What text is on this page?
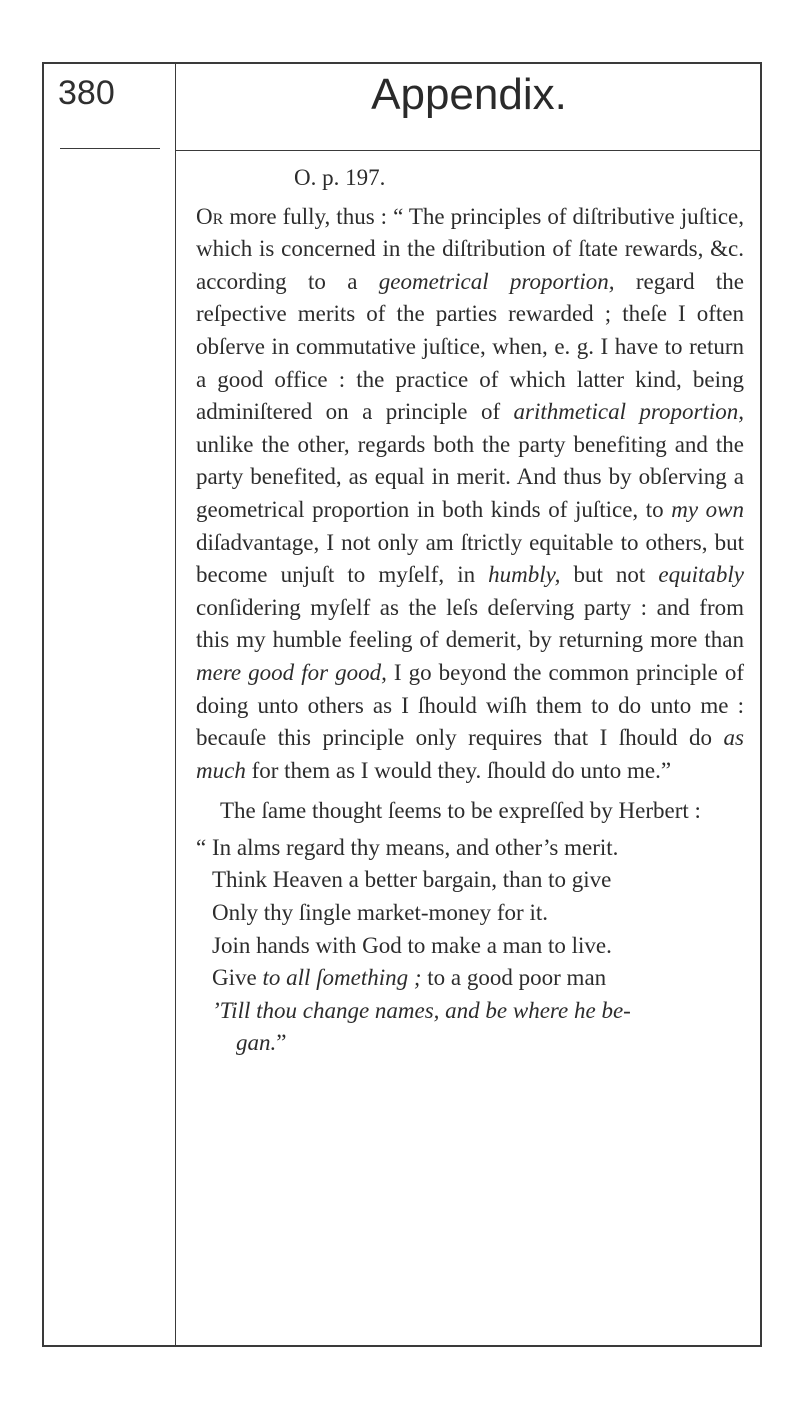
380	Appendix.

O. p. 197.

Or more fully, thus : “ The principles of diſtributive juſtice, which is concerned in the diſtribution of ſtate rewards, &c. according to a geometrical proportion, regard the reſpective merits of the parties rewarded ; theſe I often obſerve in commutative juſtice, when, e. g. I have to return a good office : the practice of which latter kind, being adminiſtered on a principle of arithmetical proportion, unlike the other, regards both the party benefiting and the party benefited, as equal in merit. And thus by obſerving a geometrical proportion in both kinds of juſtice, to my own diſadvantage, I not only am ſtrictly equitable to others, but become unjuſt to myſelf, in humbly, but not equitably conſidering myſelf as the leſs deſerving party : and from this my humble feeling of demerit, by returning more than mere good for good, I go beyond the common principle of doing unto others as I ſhould wiſh them to do unto me : becauſe this principle only requires that I ſhould do as much for them as I would they. ſhould do unto me.”

The ſame thought ſeems to be expreſſed by Herbert :

“ In alms regard thy means, and other’s merit.
Think Heaven a better bargain, than to give
Only thy ſingle market-money for it.
Join hands with God to make a man to live.
Give to all ſomething ; to a good poor man
’Till thou change names, and be where he be-
gan.”
